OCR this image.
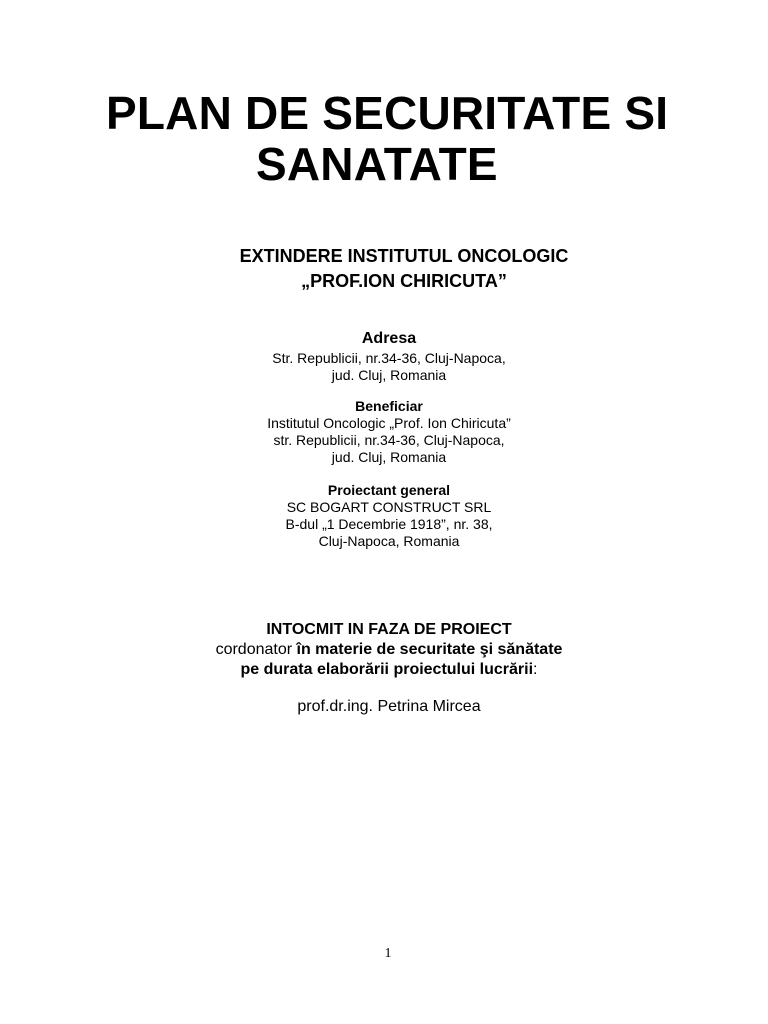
PLAN DE SECURITATE SI
SANATATE
EXTINDERE INSTITUTUL ONCOLOGIC
„PROF.ION CHIRICUTA”
Adresa
Str. Republicii, nr.34-36, Cluj-Napoca,
jud. Cluj, Romania
Beneficiar
Institutul Oncologic „Prof. Ion Chiricuta”
str. Republicii, nr.34-36, Cluj-Napoca,
jud. Cluj, Romania
Proiectant general
SC BOGART CONSTRUCT SRL
B-dul „1 Decembrie 1918”, nr. 38,
Cluj-Napoca, Romania
INTOCMIT IN FAZA DE PROIECT
cordonator în materie de securitate şi sănătate
pe durata elaborării proiectului lucrării:
prof.dr.ing. Petrina Mircea
1
